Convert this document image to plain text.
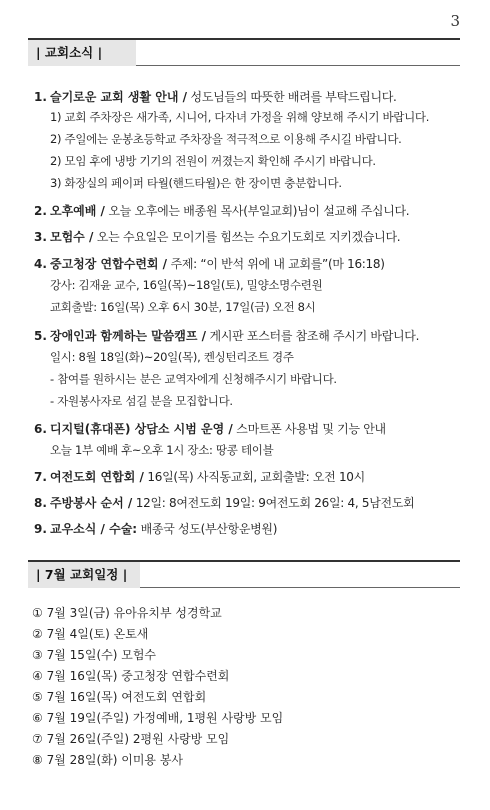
3
| 교회소식 |
1. 슬기로운 교회 생활 안내 / 성도님들의 따뜻한 배려를 부탁드립니다.
1) 교회 주차장은 새가족, 시니어, 다자녀 가정을 위해 양보해 주시기 바랍니다.
2) 주일에는 운봉초등학교 주차장을 적극적으로 이용해 주시길 바랍니다.
2) 모임 후에 냉방 기기의 전원이 꺼졌는지 확인해 주시기 바랍니다.
3) 화장실의 페이퍼 타월(핸드타월)은 한 장이면 충분합니다.
2. 오후예배 / 오늘 오후에는 배종원 목사(부일교회)님이 설교해 주십니다.
3. 모험수 / 오는 수요일은 모이기를 힘쓰는 수요기도회로 지키겠습니다.
4. 중고청장 연합수련회 / 주제: “이 반석 위에 내 교회를”(마 16:18)
강사: 김재윤 교수, 16일(목)~18일(토), 밀양소명수련원
교회출발: 16일(목) 오후 6시 30분, 17일(금) 오전 8시
5. 장애인과 함께하는 말씀캠프 / 게시판 포스터를 참조해 주시기 바랍니다.
일시: 8월 18일(화)~20일(목), 켄싱턴리조트 경주
- 참여를 원하시는 분은 교역자에게 신청해주시기 바랍니다.
- 자원봉사자로 섬길 분을 모집합니다.
6. 디지털(휴대폰) 상담소 시범 운영 / 스마트폰 사용법 및 기능 안내
오늘 1부 예배 후~오후 1시 장소: 땅콩 테이블
7. 여전도회 연합회 / 16일(목) 사직동교회, 교회출발: 오전 10시
8. 주방봉사 순서 / 12일: 8여전도회 19일: 9여전도회 26일: 4, 5남전도회
9. 교우소식 / 수술: 배종국 성도(부산항운병원)
| 7월 교회일정 |
① 7월 3일(금) 유아유치부 성경학교
② 7월 4일(토) 온토새
③ 7월 15일(수) 모험수
④ 7월 16일(목) 중고청장 연합수련회
⑤ 7월 16일(목) 여전도회 연합회
⑥ 7월 19일(주일) 가정예배, 1평원 사랑방 모임
⑦ 7월 26일(주일) 2평원 사랑방 모임
⑧ 7월 28일(화) 이미용 봉사
